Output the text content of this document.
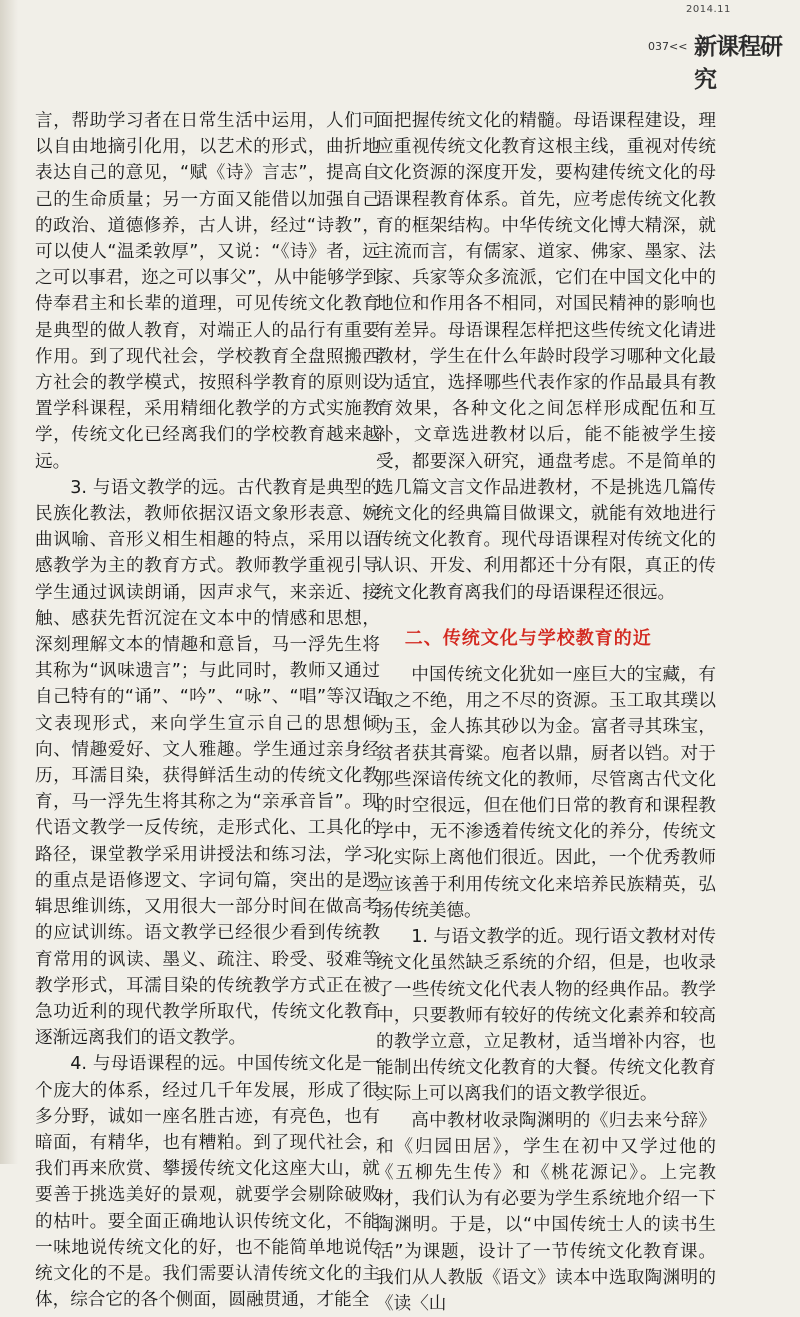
2014.11
037<< 新课程研究

言，帮助学习者在日常生活中运用，人们可以自由地摘引化用，以艺术的形式，曲折地表达自己的意见，“赋《诗》言志”，提高自己的生命质量；另一方面又能借以加强自己的政治、道德修养，古人讲，经过“诗教”，可以使人“温柔敦厚”，又说：“《诗》者，远之可以事君，迩之可以事父”，从中能够学到侍奉君主和长辈的道理，可见传统文化教育是典型的做人教育，对端正人的品行有重要作用。到了现代社会，学校教育全盘照搬西方社会的教学模式，按照科学教育的原则设置学科课程，采用精细化教学的方式实施教学，传统文化已经离我们的学校教育越来越远。

3. 与语文教学的远。古代教育是典型的民族化教法，教师依据汉语文象形表意、婉曲讽喻、音形义相生相趣的特点，采用以语感教学为主的教育方式。教师教学重视引导学生通过讽读朗诵，因声求气，来亲近、接触、感获先哲沉淀在文本中的情感和思想，深刻理解文本的情趣和意旨，马一浮先生将其称为“讽味遗言”；与此同时，教师又通过自己特有的“诵”、“吟”、“咏”、“唱”等汉语文表现形式，来向学生宣示自己的思想倾向、情趣爱好、文人雅趣。学生通过亲身经历，耳濡目染，获得鲜活生动的传统文化教育，马一浮先生将其称之为“亲承音旨”。现代语文教学一反传统，走形式化、工具化的路径，课堂教学采用讲授法和练习法，学习的重点是语修逻文、字词句篇，突出的是逻辑思维训练，又用很大一部分时间在做高考的应试训练。语文教学已经很少看到传统教育常用的讽读、墨义、疏注、聆受、驳难等教学形式，耳濡目染的传统教学方式正在被急功近利的现代教学所取代，传统文化教育逐渐远离我们的语文教学。

4. 与母语课程的远。中国传统文化是一个庞大的体系，经过几千年发展，形成了很多分野，诚如一座名胜古迹，有亮色，也有暗面，有精华，也有糟粕。到了现代社会，我们再来欣赏、攀援传统文化这座大山，就要善于挑选美好的景观，就要学会剔除破败的枯叶。要全面正确地认识传统文化，不能一味地说传统文化的好，也不能简单地说传统文化的不是。我们需要认清传统文化的主体，综合它的各个侧面，圆融贯通，才能全

面把握传统文化的精髓。母语课程建设，理应重视传统文化教育这根主线，重视对传统文化资源的深度开发，要构建传统文化的母语课程教育体系。首先，应考虑传统文化教育的框架结构。中华传统文化博大精深，就主流而言，有儒家、道家、佛家、墨家、法家、兵家等众多流派，它们在中国文化中的地位和作用各不相同，对国民精神的影响也有差异。母语课程怎样把这些传统文化请进教材，学生在什么年龄时段学习哪种文化最为适宜，选择哪些代表作家的作品最具有教育效果，各种文化之间怎样形成配伍和互补，文章选进教材以后，能不能被学生接受，都要深入研究，通盘考虑。不是简单的选几篇文言文作品进教材，不是挑选几篇传统文化的经典篇目做课文，就能有效地进行传统文化教育。现代母语课程对传统文化的认识、开发、利用都还十分有限，真正的传统文化教育离我们的母语课程还很远。

二、传统文化与学校教育的近

中国传统文化犹如一座巨大的宝藏，有取之不绝，用之不尽的资源。玉工取其璞以为玉，金人拣其砂以为金。富者寻其珠宝，贫者获其膏粱。庖者以鼎，厨者以铛。对于那些深谙传统文化的教师，尽管离古代文化的时空很远，但在他们日常的教育和课程教学中，无不渗透着传统文化的养分，传统文化实际上离他们很近。因此，一个优秀教师应该善于利用传统文化来培养民族精英，弘扬传统美德。

1. 与语文教学的近。现行语文教材对传统文化虽然缺乏系统的介绍，但是，也收录了一些传统文化代表人物的经典作品。教学中，只要教师有较好的传统文化素养和较高的教学立意，立足教材，适当增补内容，也能制出传统文化教育的大餐。传统文化教育实际上可以离我们的语文教学很近。

高中教材收录陶渊明的《归去来兮辞》和《归园田居》，学生在初中又学过他的《五柳先生传》和《桃花源记》。上完教材，我们认为有必要为学生系统地介绍一下陶渊明。于是，以“中国传统士人的读书生活”为课题，设计了一节传统文化教育课。我们从人教版《语文》读本中选取陶渊明的《读〈山
